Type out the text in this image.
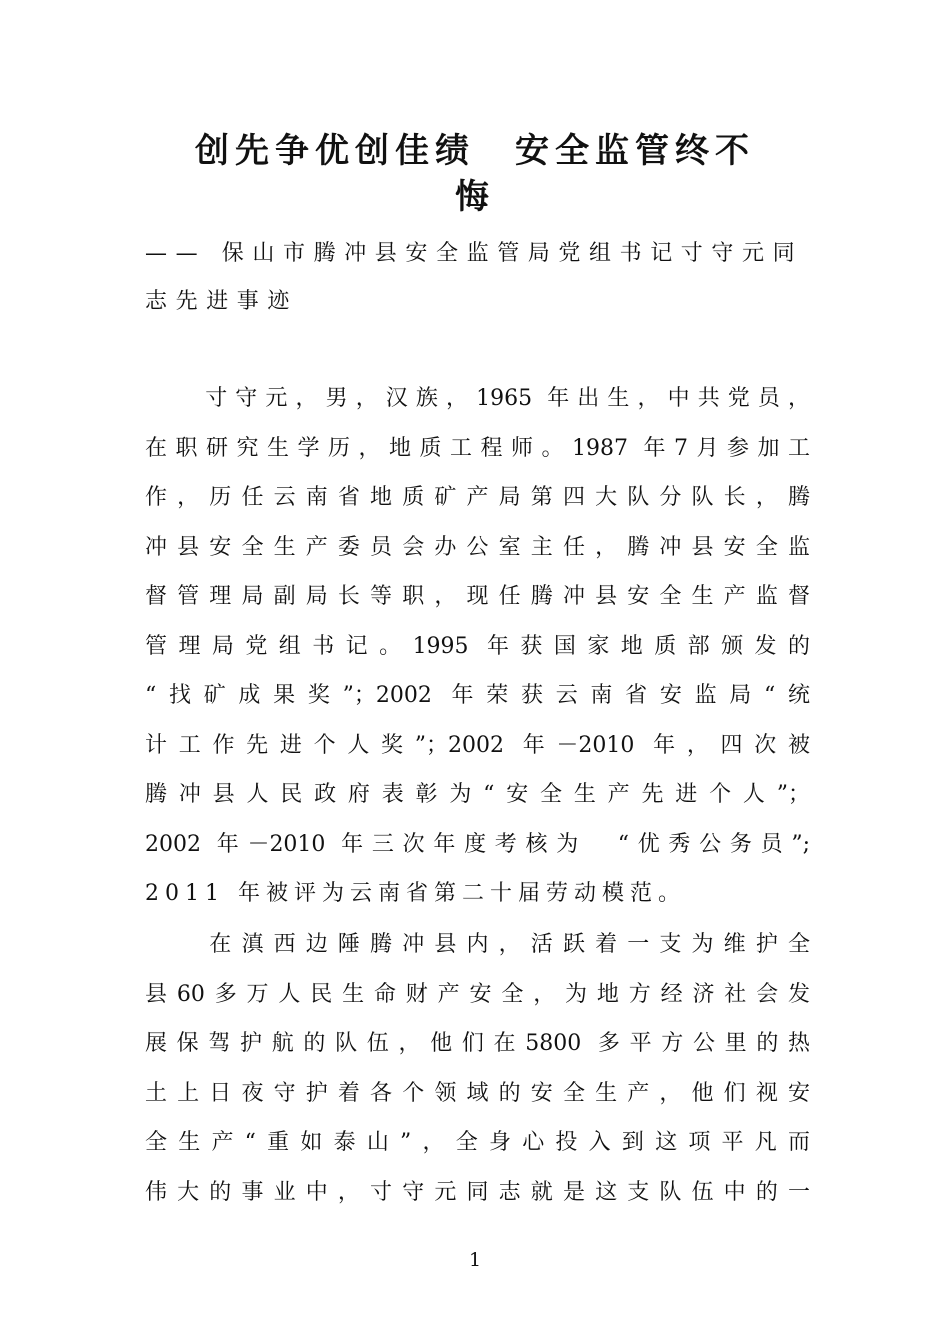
创先争优创佳绩　安全监管终不
悔
—— 保山市腾冲县安全监管局党组书记寸守元同
志先进事迹
　　寸守元，男，汉族，1965 年出生，中共党员，
在职研究生学历，地质工程师。1987 年7月参加工
作，历任云南省地质矿产局第四大队分队长，腾
冲县安全生产委员会办公室主任，腾冲县安全监
督管理局副局长等职，现任腾冲县安全生产监督
管理局党组书记。1995 年获国家地质部颁发的
“找矿成果奖”；2002 年荣获云南省安监局“统
计工作先进个人奖”；2002 年－2010 年，四次被
腾冲县人民政府表彰为“安全生产先进个人”；
2002 年－2010 年三次年度考核为　“优秀公务员”;
2011 年被评为云南省第二十届劳动模范。
　　在滇西边陲腾冲县内，活跃着一支为维护全
县60多万人民生命财产安全，为地方经济社会发
展保驾护航的队伍，他们在5800 多平方公里的热
土上日夜守护着各个领域的安全生产，他们视安
全生产“重如泰山”，全身心投入到这项平凡而
伟大的事业中，寸守元同志就是这支队伍中的一
1
